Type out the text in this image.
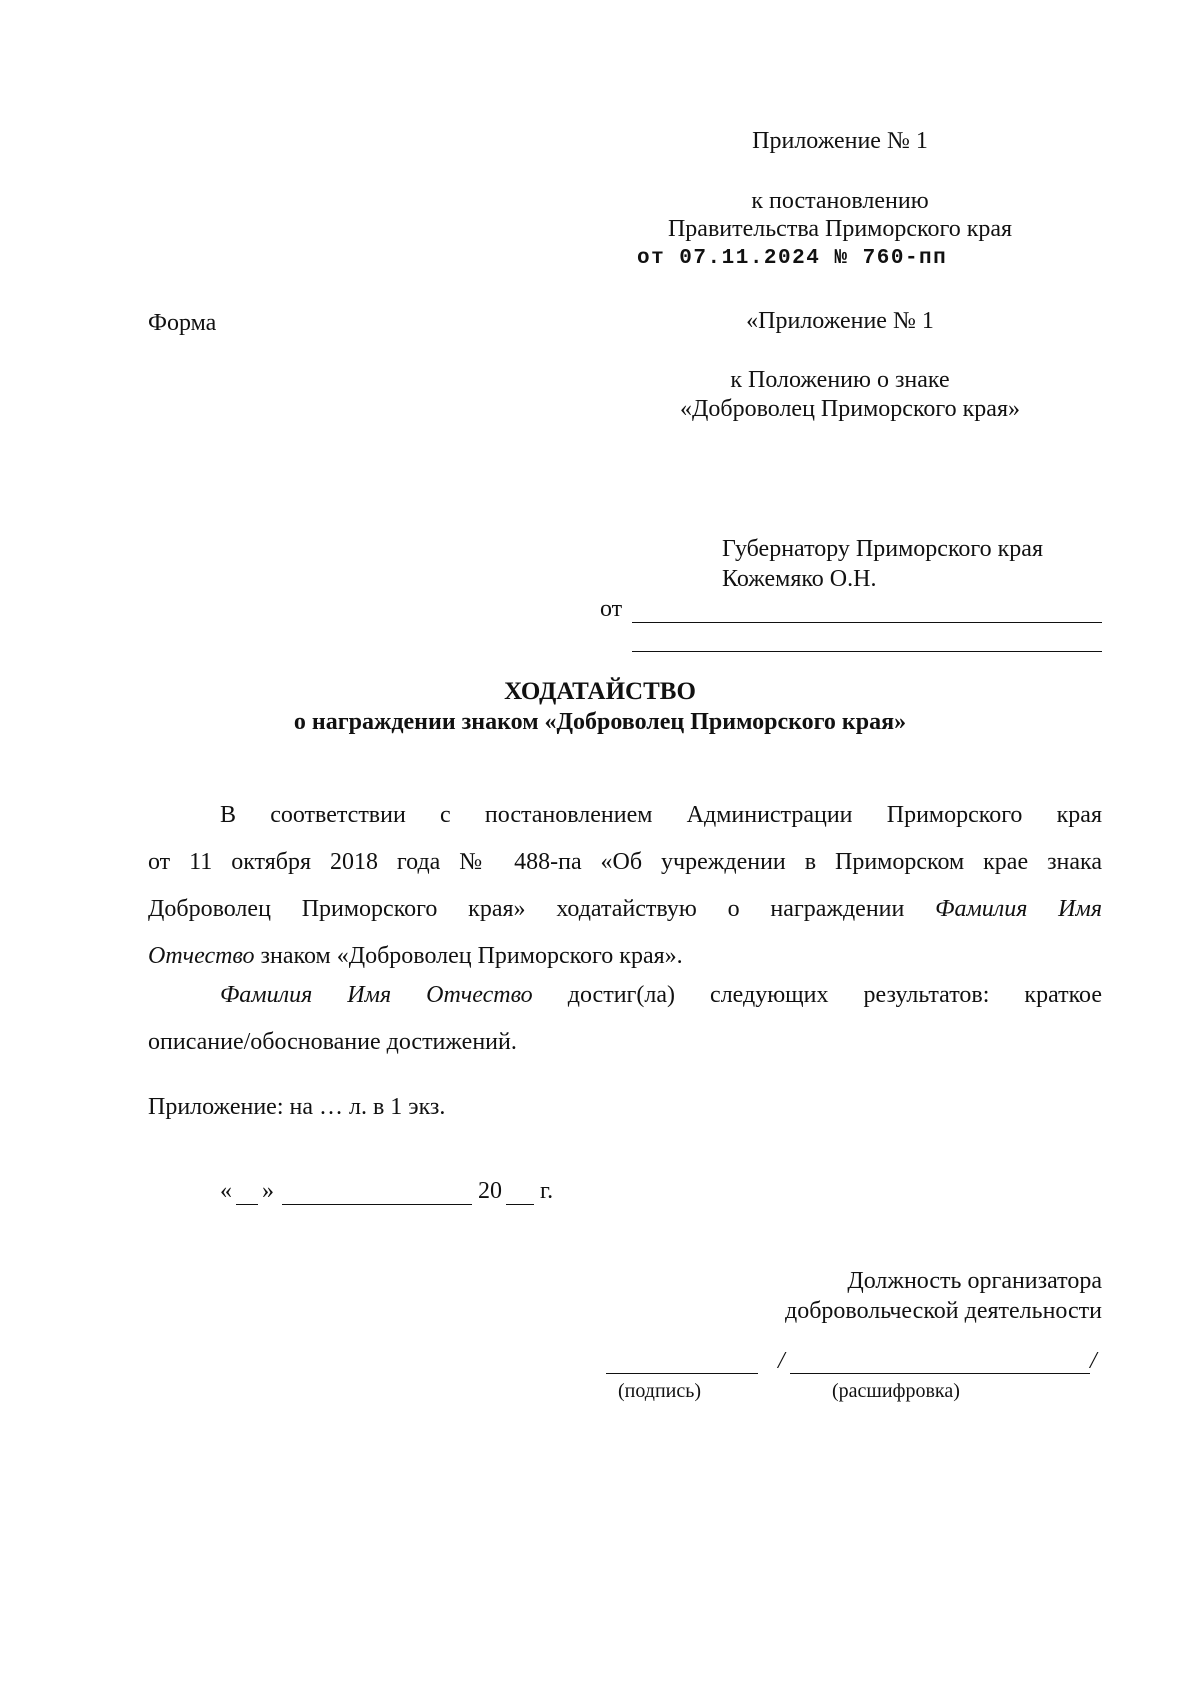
Приложение № 1
к постановлению
Правительства Приморского края
от 07.11.2024 № 760-пп
Форма	«Приложение № 1
к Положению о знаке
«Доброволец Приморского края»
Губернатору Приморского края
Кожемяко О.Н.
от
ХОДАТАЙСТВО
о награждении знаком «Доброволец Приморского края»
В соответствии с постановлением Администрации Приморского края
от 11 октября 2018 года № 488-па «Об учреждении в Приморском крае знака
Доброволец Приморского края» ходатайствую о награждении Фамилия Имя
Отчество знаком «Доброволец Приморского края».
Фамилия Имя Отчество достиг(ла) следующих результатов: краткое
описание/обоснование достижений.
Приложение: на … л. в 1 экз.
« »	20 г.
Должность организатора
добровольческой деятельности
/	/
(подпись)	(расшифровка)
